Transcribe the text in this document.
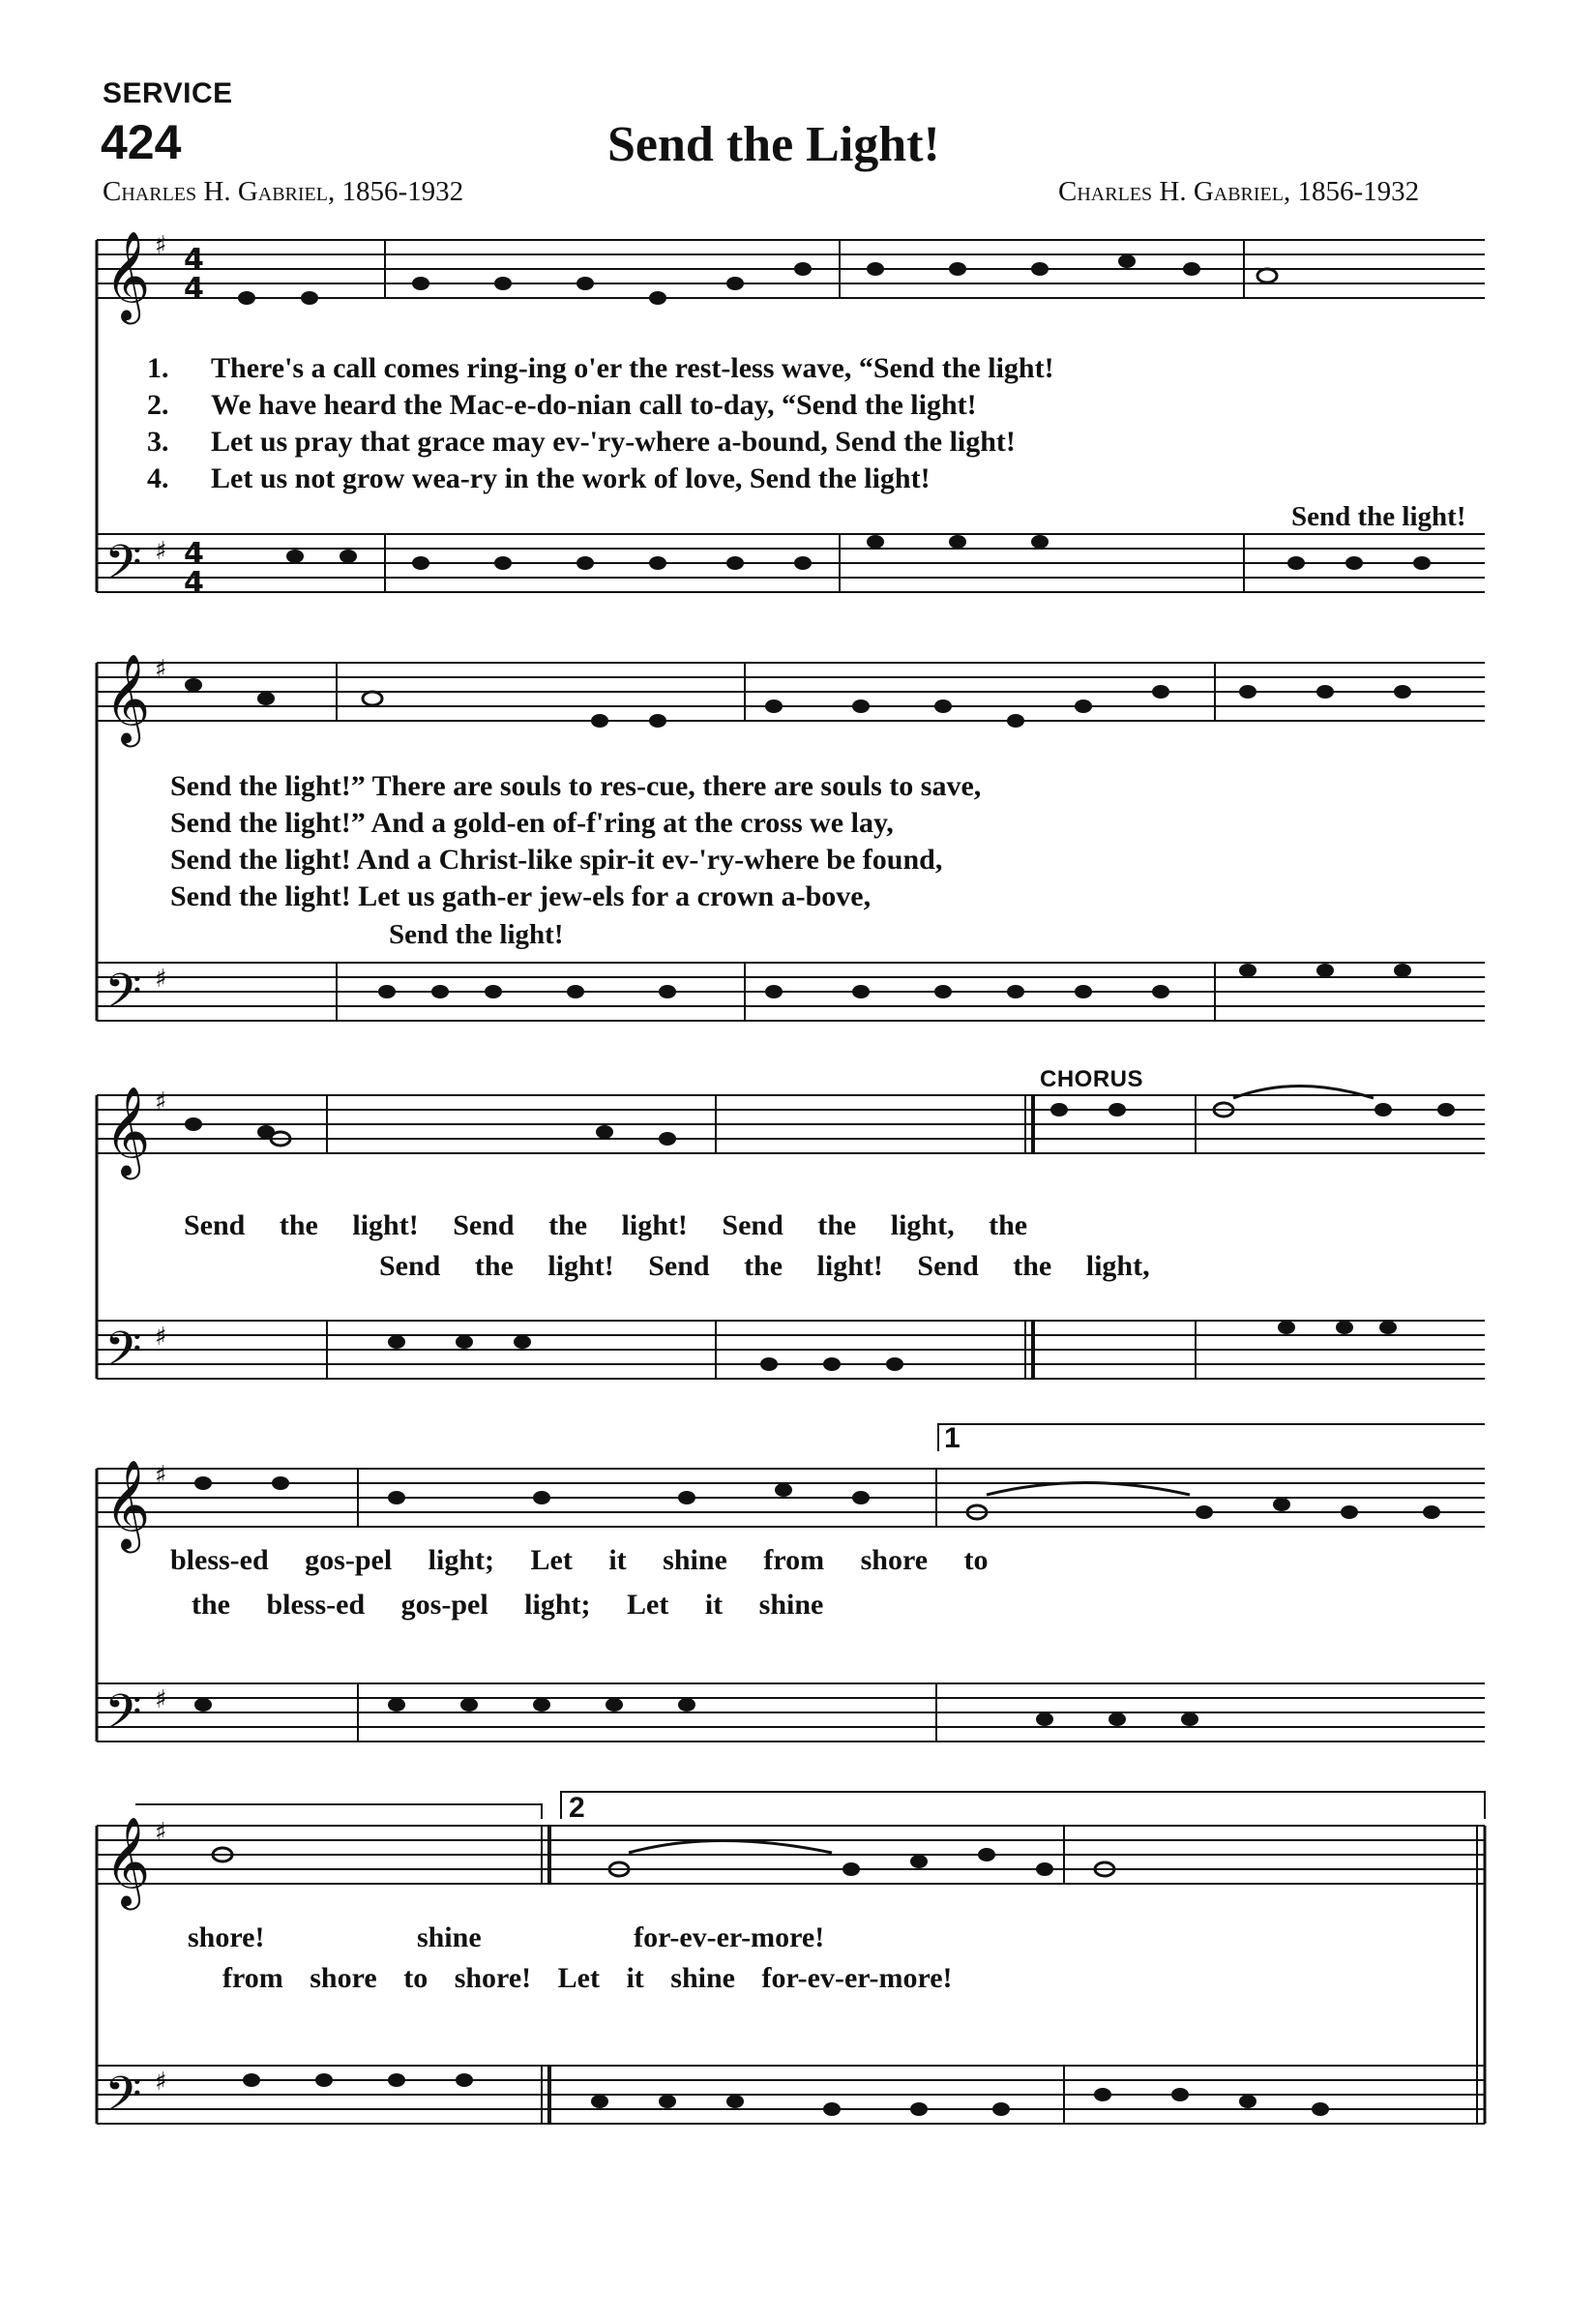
SERVICE
424	Send the Light!
Charles H. Gabriel, 1856-1932	Charles H. Gabriel, 1856-1932
𝄞
𝄢
𝄞
𝄢
𝄞
𝄢
𝄞
𝄢
𝄞
𝄢
♯
♯
♯
♯
♯
♯
♯
♯
♯
♯
4
4
4
4
1. There's a call comes ring-ing o'er the rest-less wave, “Send the light!
2. We have heard the Mac-e-do-nian call to-day, “Send the light!
3. Let us pray that grace may ev-'ry-where a-bound, Send the light!
4. Let us not grow wea-ry in the work of love, Send the light!
Send the light!
Send the light!” There are souls to res-cue, there are souls to save,
Send the light!” And a gold-en of-f'ring at the cross we lay,
Send the light! And a Christ-like spir-it ev-'ry-where be found,
Send the light! Let us gath-er jew-els for a crown a-bove,
Send the light!
CHORUS
Send the light! Send the light! Send the light, the
Send the light! Send the light! Send the light,
1
bless-ed gos-pel light; Let it shine from shore to
the bless-ed gos-pel light; Let it shine
2
shore! shine for-ev-er-more!
from shore to shore! Let it shine for-ev-er-more!
